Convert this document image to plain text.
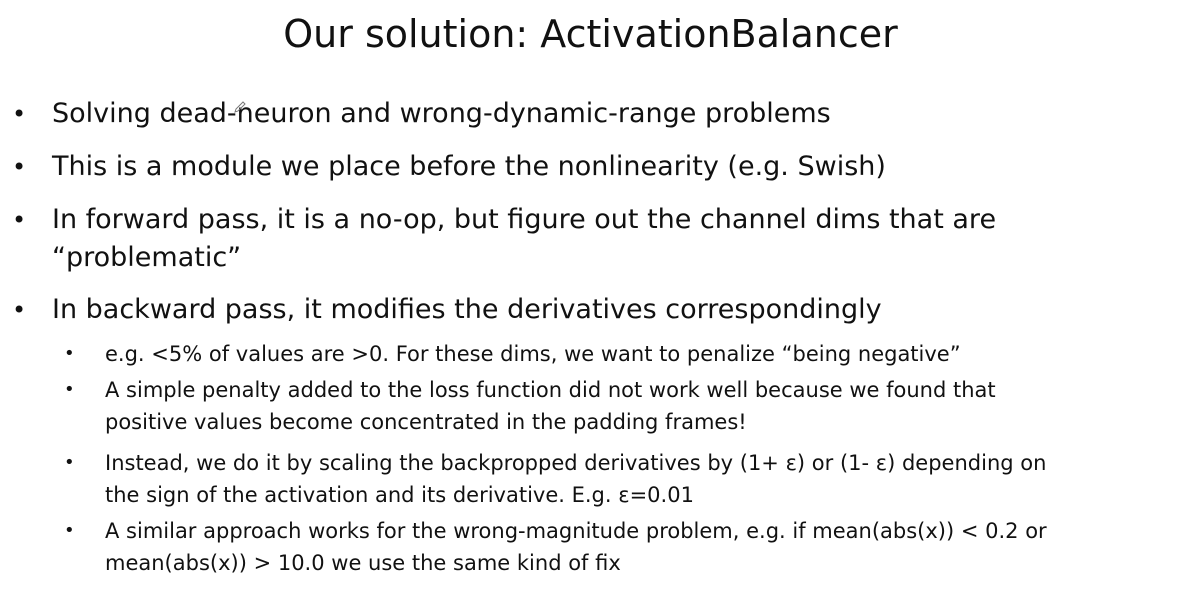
Our solution: ActivationBalancer
• Solving dead-neuron and wrong-dynamic-range problems
• This is a module we place before the nonlinearity (e.g. Swish)
• In forward pass, it is a no-op, but figure out the channel dims that are
“problematic”
• In backward pass, it modifies the derivatives correspondingly
• e.g. <5% of values are >0. For these dims, we want to penalize “being negative”
• A simple penalty added to the loss function did not work well because we found that
positive values become concentrated in the padding frames!
• Instead, we do it by scaling the backpropped derivatives by (1+ ε) or (1- ε) depending on
the sign of the activation and its derivative. E.g. ε=0.01
• A similar approach works for the wrong-magnitude problem, e.g. if mean(abs(x)) < 0.2 or
mean(abs(x)) > 10.0 we use the same kind of fix
